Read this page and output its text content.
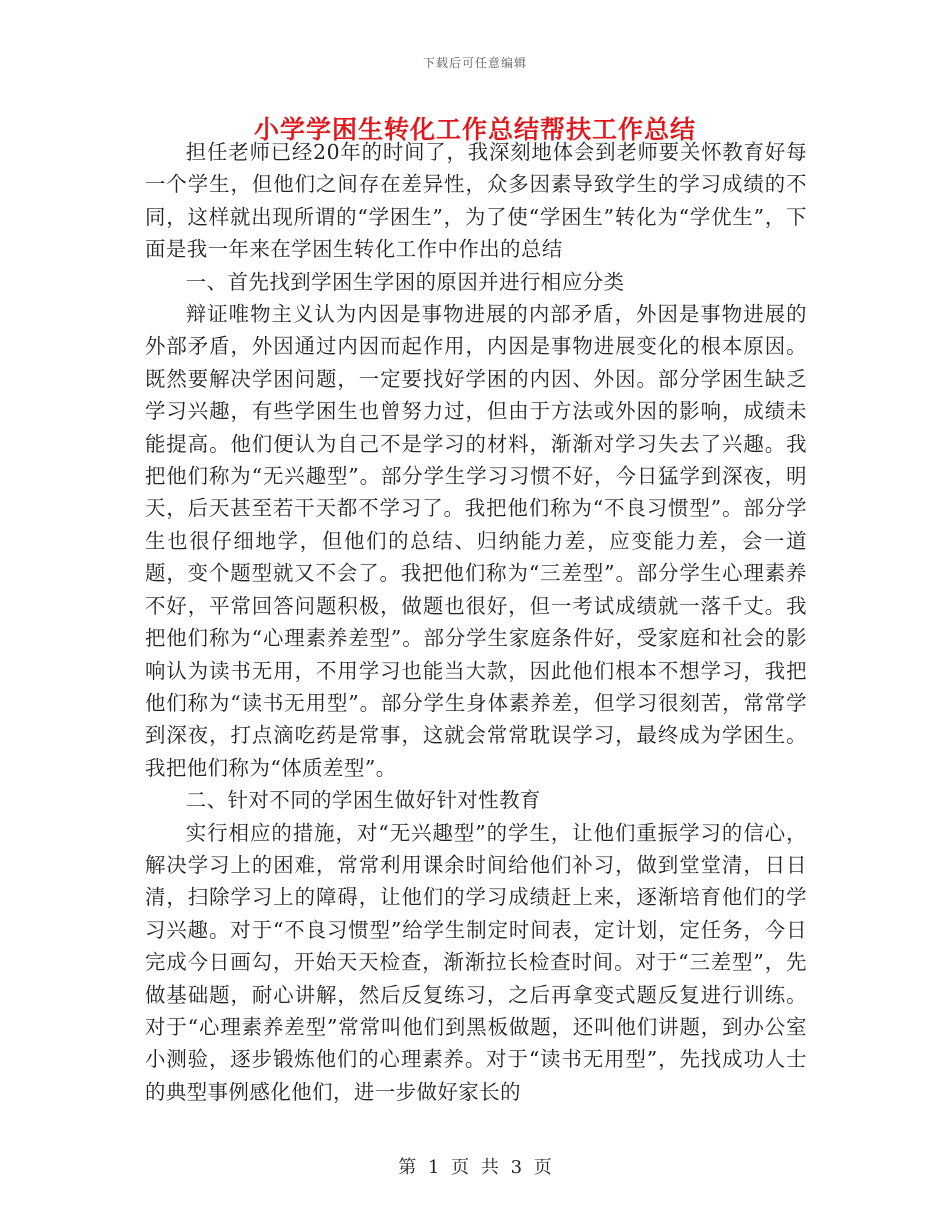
下载后可任意编辑
小学学困生转化工作总结帮扶工作总结

担任老师已经20年的时间了，我深刻地体会到老师要关怀教育好每一个学生，但他们之间存在差异性，众多因素导致学生的学习成绩的不同，这样就出现所谓的“学困生”，为了使“学困生”转化为“学优生”，下面是我一年来在学困生转化工作中作出的总结

一、首先找到学困生学困的原因并进行相应分类

辩证唯物主义认为内因是事物进展的内部矛盾，外因是事物进展的外部矛盾，外因通过内因而起作用，内因是事物进展变化的根本原因。既然要解决学困问题，一定要找好学困的内因、外因。部分学困生缺乏学习兴趣，有些学困生也曾努力过，但由于方法或外因的影响，成绩未能提高。他们便认为自己不是学习的材料，渐渐对学习失去了兴趣。我把他们称为“无兴趣型”。部分学生学习习惯不好，今日猛学到深夜，明天，后天甚至若干天都不学习了。我把他们称为“不良习惯型”。部分学生也很仔细地学，但他们的总结、归纳能力差，应变能力差，会一道题，变个题型就又不会了。我把他们称为“三差型”。部分学生心理素养不好，平常回答问题积极，做题也很好，但一考试成绩就一落千丈。我把他们称为“心理素养差型”。部分学生家庭条件好，受家庭和社会的影响认为读书无用，不用学习也能当大款，因此他们根本不想学习，我把他们称为“读书无用型”。部分学生身体素养差，但学习很刻苦，常常学到深夜，打点滴吃药是常事，这就会常常耽误学习，最终成为学困生。我把他们称为“体质差型”。

二、针对不同的学困生做好针对性教育

实行相应的措施，对“无兴趣型”的学生，让他们重振学习的信心，解决学习上的困难，常常利用课余时间给他们补习，做到堂堂清，日日清，扫除学习上的障碍，让他们的学习成绩赶上来，逐渐培育他们的学习兴趣。对于“不良习惯型”给学生制定时间表，定计划，定任务，今日完成今日画勾，开始天天检查，渐渐拉长检查时间。对于“三差型”，先做基础题，耐心讲解，然后反复练习，之后再拿变式题反复进行训练。对于“心理素养差型”常常叫他们到黑板做题，还叫他们讲题，到办公室小测验，逐步锻炼他们的心理素养。对于“读书无用型”，先找成功人士的典型事例感化他们，进一步做好家长的

第 1 页 共 3 页
